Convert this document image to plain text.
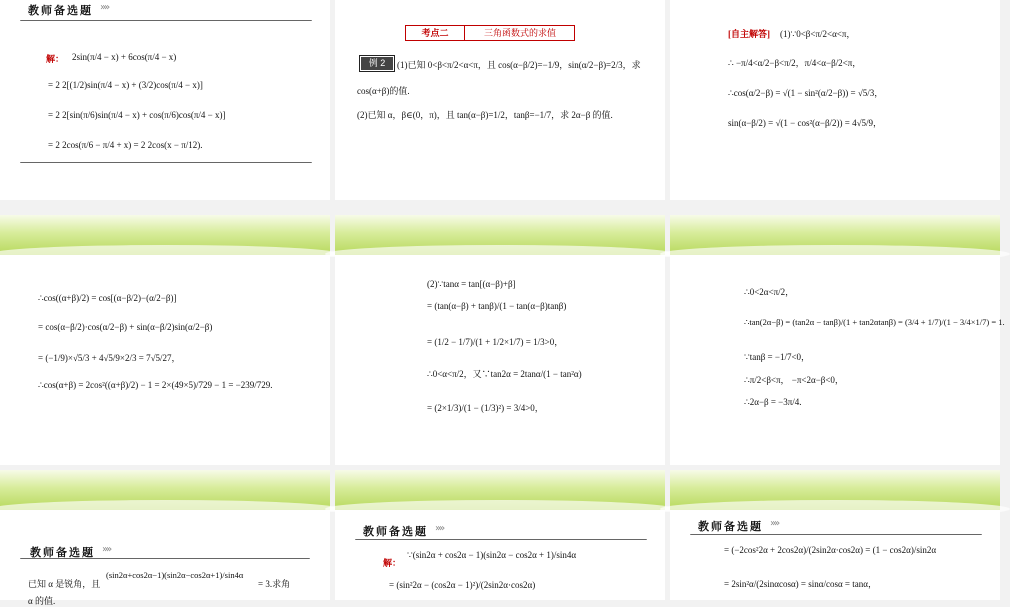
教师备选题 »»
解： 2sin(π/4 − x) + 6cos(π/4 − x)
= 2 2[(1/2)sin(π/4 − x) + (3/2)cos(π/4 − x)]
= 2 2[sin(π/6)sin(π/4 − x) + cos(π/6)cos(π/4 − x)]
= 2 2cos(π/6 − π/4 + x) = 2 2cos(x − π/12).
考点二	三角函数式的求值
例 2	(1)已知 0<β<π/2<α<π，且 cos(α−β/2)=−1/9，sin(α/2−β)=2/3，求
cos(α+β)的值.
(2)已知 α，β∈(0，π)，且 tan(α−β)=1/2，tanβ=−1/7，求 2α−β 的值.
[自主解答] (1)∵0<β<π/2<α<π，
∴ −π/4<α/2−β<π/2，π/4<α−β/2<π，
∴cos(α/2−β) = √(1 − sin²(α/2−β)) = √5/3，
sin(α−β/2) = √(1 − cos²(α−β/2)) = 4√5/9，
∴cos((α+β)/2) = cos[(α−β/2)−(α/2−β)]
= cos(α−β/2)·cos(α/2−β) + sin(α−β/2)sin(α/2−β)
= (−1/9)×√5/3 + 4√5/9×2/3 = 7√5/27，
∴cos(α+β) = 2cos²((α+β)/2) − 1 = 2×(49×5)/729 − 1 = −239/729.
(2)∵tanα = tan[(α−β)+β]
= (tan(α−β) + tanβ)/(1 − tan(α−β)tanβ)
= (1/2 − 1/7)/(1 + 1/2×1/7) = 1/3>0，
∴0<α<π/2，又∵tan2α = 2tanα/(1 − tan²α)
= (2×1/3)/(1 − (1/3)²) = 3/4>0，
∴0<2α<π/2，
∴tan(2α−β) = (tan2α − tanβ)/(1 + tan2αtanβ) = (3/4 + 1/7)/(1 − 3/4×1/7) = 1.
∵tanβ = −1/7<0，
∴π/2<β<π， −π<2α−β<0，
∴2α−β = −3π/4.
教师备选题 »»
已知 α 是锐角，且
(sin2α+cos2α−1)(sin2α−cos2α+1)/sin4α
= 3.求角
α 的值.
教师备选题 »»
解：
∵(sin2α + cos2α − 1)(sin2α − cos2α + 1)/sin4α
= (sin²2α − (cos2α − 1)²)/(2sin2α·cos2α)
教师备选题 »»
= (−2cos²2α + 2cos2α)/(2sin2α·cos2α) = (1 − cos2α)/sin2α
= 2sin²α/(2sinαcosα) = sinα/cosα = tanα，
